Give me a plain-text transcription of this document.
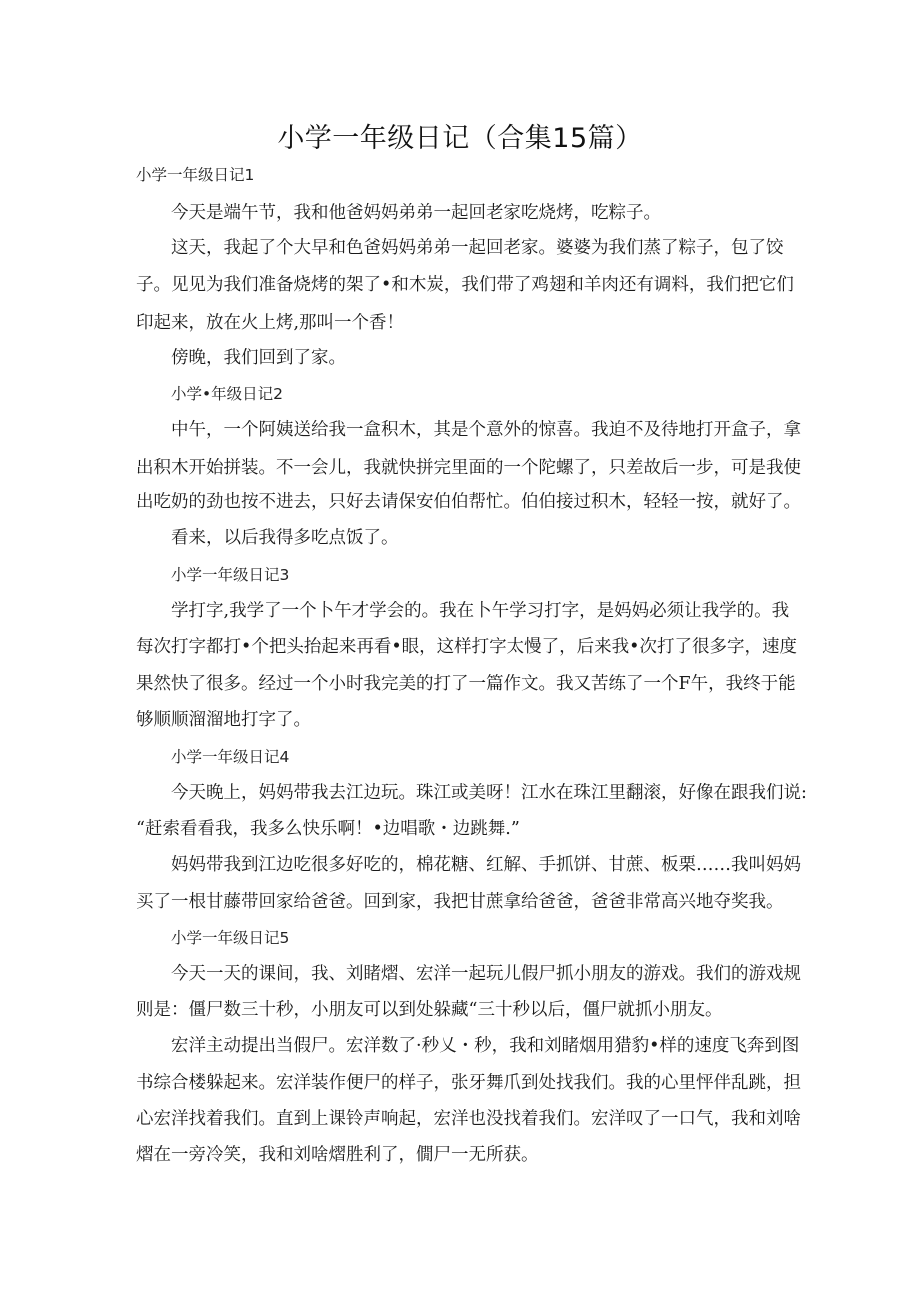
小学一年级日记（合集15篇）
小学一年级日记1
今天是端午节，我和他爸妈妈弟弟一起回老家吃烧烤，吃粽子。
这 天 ， 我 起 了 个 大 早 和 色 爸 妈 妈 弟 弟 一 起 回 老 家 。 婆 婆 为 我 们 蒸 了 粽 子 ， 包 了 饺
子 。 见 见 为 我 们 准 备 烧 烤 的 架 了 • 和 木 炭 ， 我 们 带 了 鸡 翅 和 羊 肉 还 有 调 料 ， 我 们 把 它 们
印起来，放在火上烤,那叫一个香！
傍晚，我们回到了家。
小学•年级日记2
中 午 ， 一 个 阿 姨 送 给 我 一 盒 积 木 ， 其 是 个 意 外 的 惊 喜 。 我 迫 不 及 待 地 打 开 盒 子 ， 拿
出 积 木 开 始 拼 装 。 不 一 会 儿 ， 我 就 快 拼 完 里 面 的 一 个 陀 螺 了 ， 只 差 故 后 一 步 ， 可 是 我 使
出 吃 奶 的 劲 也 按 不 进 去 ， 只 好 去 请 保 安 伯 伯 帮 忙 。 伯 伯 接 过 积 木 ， 轻 轻 一 按 ， 就 好 了 。
看来，以后我得多吃点饭了。
小学一年级日记3
学 打 字 , 我 学 了 一 个 卜 午 才 学 会 的 。 我 在 卜 午 学 习 打 字 ， 是 妈 妈 必 须 让 我 学 的 。 我
每 次 打 字 都 打 • 个 把 头 抬 起 来 再 看 • 眼 ， 这 样 打 字 太 慢 了 ， 后 来 我 • 次 打 了 很 多 字 ， 速 度
果 然 快 了 很 多 。 经 过 一 个 小 时 我 完 美 的 打 了 一 篇 作 文 。 我 又 苦 练 了 一 个 F 午 ， 我 终 于 能
够顺顺溜溜地打字了。
小学一年级日记4
今 天 晚 上 ， 妈 妈 带 我 去 江 边 玩 。 珠 江 或 美 呀 ！ 江 水 在 珠 江 里 翻 滚 ， 好 像 在 跟 我 们 说 :
“赶索看看我，我多么快乐啊！•边唱歌・边跳舞.”
妈 妈 带 我 到 江 边 吃 很 多 好 吃 的 ， 棉 花 糖 、 红 解 、 手 抓 饼 、 甘 蔗 、 板 栗 … … 我 叫 妈 妈
买 了 一 根 甘 藤 带 回 家 给 爸 爸 。 回 到 家 ， 我 把 甘 蔗 拿 给 爸 爸 ， 爸 爸 非 常 高 兴 地 夺 奖 我 。
小学一年级日记5
今 天 一 天 的 课 间 ， 我 、 刘 睹 熠 、 宏 洋 一 起 玩 儿 假 尸 抓 小 朋 友 的 游 戏 。 我 们 的 游 戏 规
则是：僵尸数三十秒，小朋友可以到处躲藏“三十秒以后，僵尸就抓小朋友。
宏 洋 主 动 提 出 当 假 尸 。 宏 洋 数 了 · 秒 乂 ・ 秒 ， 我 和 刘 睹 烟 用 猎 豹 • 样 的 速 度 飞 奔 到 图
书 综 合 楼 躲 起 来 。 宏 洋 装 作 便 尸 的 样 子 ， 张 牙 舞 爪 到 处 找 我 们 。 我 的 心 里 怦 伴 乱 跳 ， 担
心 宏 洋 找 着 我 们 。 直 到 上 课 铃 声 响 起 ， 宏 洋 也 没 找 着 我 们 。 宏 洋 叹 了 一 口 气 ， 我 和 刘 啥
熠在一旁冷笑，我和刘啥熠胜利了，僩尸一无所获。
